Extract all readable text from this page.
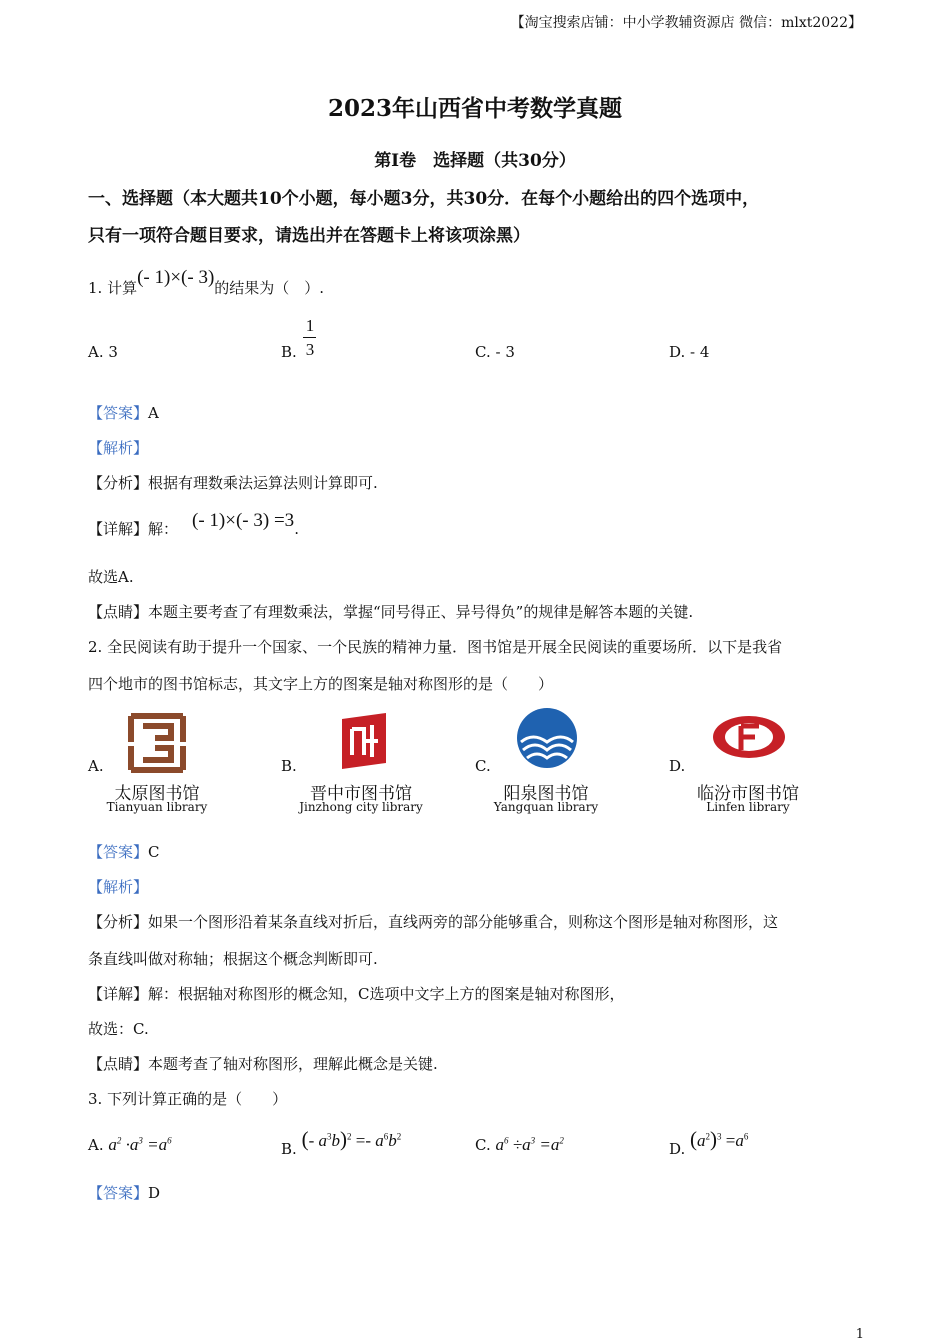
【淘宝搜索店铺：中小学教辅资源店 微信：mlxt2022】
2023年山西省中考数学真题
第Ⅰ卷　选择题（共30分）
一、选择题（本大题共10个小题，每小题3分，共30分．在每个小题给出的四个选项中，
只有一项符合题目要求，请选出并在答题卡上将该项涂黑）
1. 计算(- 1)×(- 3)的结果为（　）.
A. 3	B.
1
3	C. - 3	D. - 4
【答案】A
【解析】
【分析】根据有理数乘法运算法则计算即可.
【详解】解： (- 1)×(- 3) =3.
故选A.
【点睛】本题主要考查了有理数乘法，掌握“同号得正、异号得负”的规律是解答本题的关键.
2. 全民阅读有助于提升一个国家、一个民族的精神力量．图书馆是开展全民阅读的重要场所．以下是我省
四个地市的图书馆标志，其文字上方的图案是轴对称图形的是（　　）
A.
太原图书馆
Tianyuan library
B.
晋中市图书馆
Jinzhong city library
C.
阳泉图书馆
Yangquan library
D.
临汾市图书馆
Linfen library
【答案】C
【解析】
【分析】如果一个图形沿着某条直线对折后，直线两旁的部分能够重合，则称这个图形是轴对称图形，这
条直线叫做对称轴；根据这个概念判断即可.
【详解】解：根据轴对称图形的概念知，C选项中文字上方的图案是轴对称图形，
故选：C.
【点睛】本题考查了轴对称图形，理解此概念是关键.
3. 下列计算正确的是（　　）
A. $a^2 \cdot a^3 =a^6$	B. (- $a^3b)^2 =- a^6b^2$	C. $a^6 \div a^3 =a^2$	D. $(a^2)^3 =a^6$
【答案】D
1
